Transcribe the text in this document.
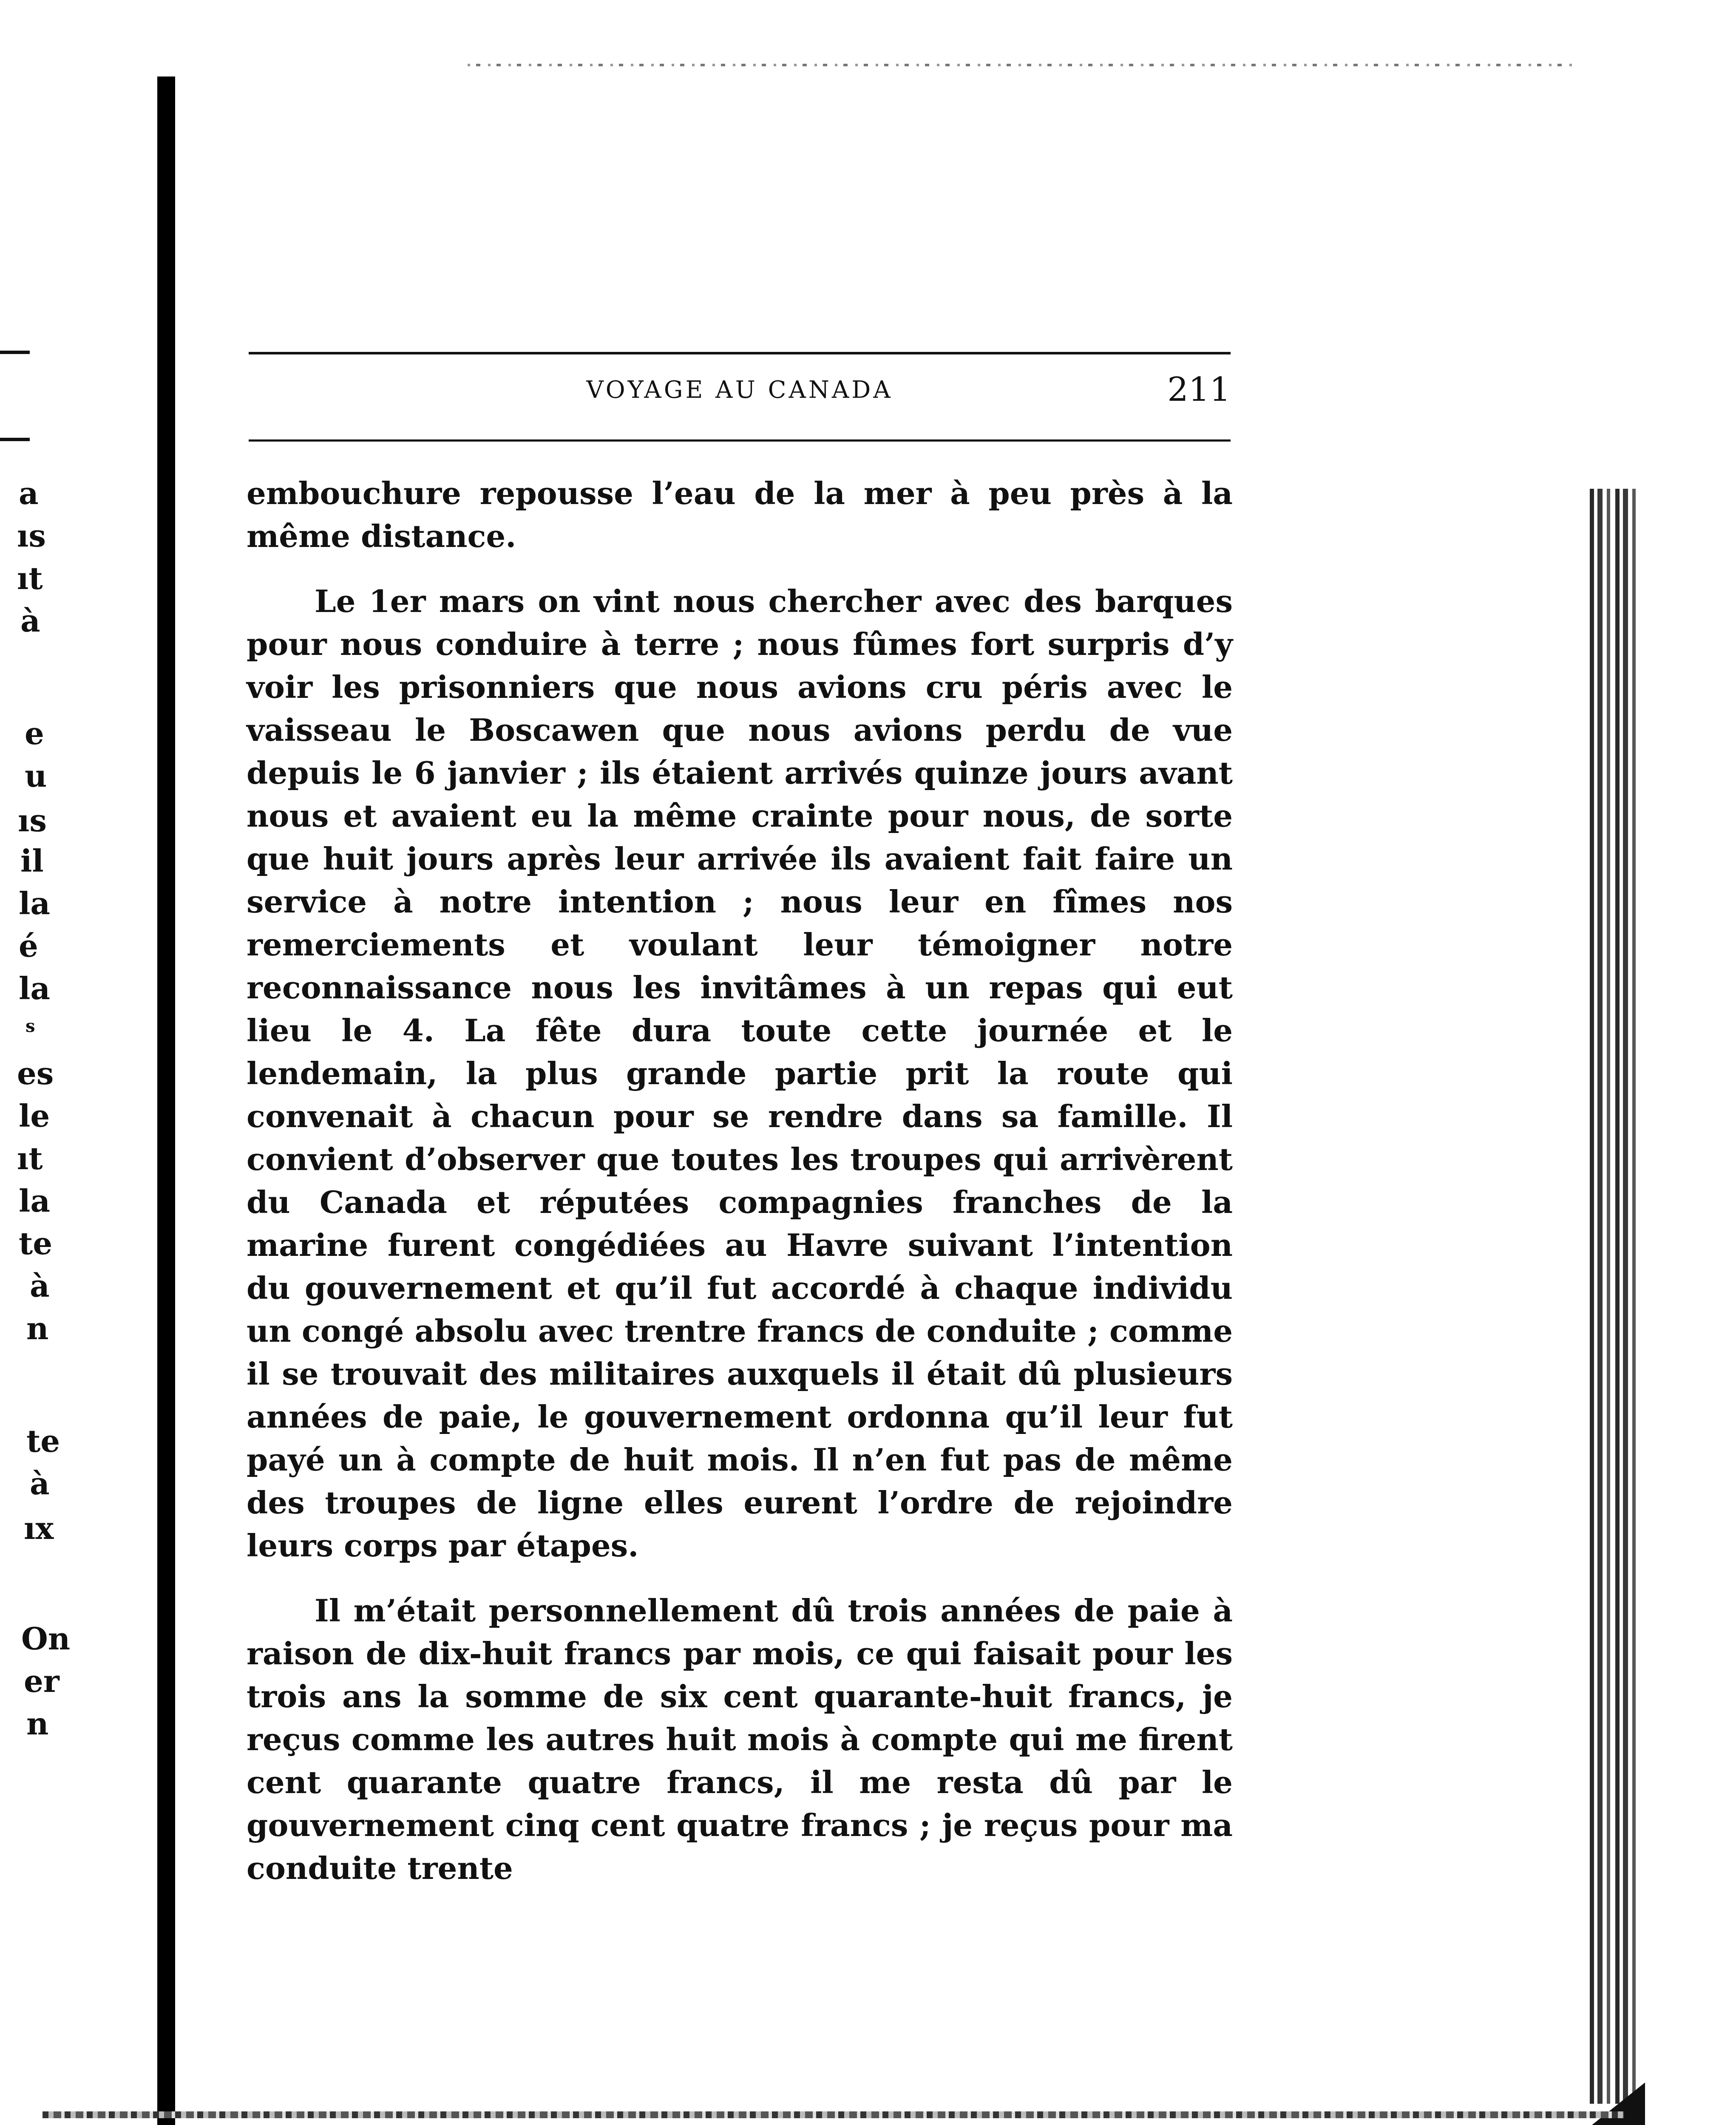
a
ıs
ıt
à
e
u
ıs
il
la
é
la
s
es
le
ıt
la
te
à
n
te
à
ıx
On
er
n
VOYAGE AU CANADA	211

embouchure repousse l’eau de la mer à peu près à la même distance.

Le 1er mars on vint nous chercher avec des barques pour nous conduire à terre ; nous fûmes fort surpris d’y voir les prisonniers que nous avions cru péris avec le vaisseau le Boscawen que nous avions perdu de vue depuis le 6 janvier ; ils étaient arrivés quinze jours avant nous et avaient eu la même crainte pour nous, de sorte que huit jours après leur arrivée ils avaient fait faire un service à notre intention ; nous leur en fîmes nos remerciements et voulant leur témoigner notre reconnaissance nous les invitâmes à un repas qui eut lieu le 4. La fête dura toute cette journée et le lendemain, la plus grande partie prit la route qui convenait à chacun pour se rendre dans sa famille. Il convient d’observer que toutes les troupes qui arrivèrent du Canada et réputées compagnies franches de la marine furent congédiées au Havre suivant l’intention du gouvernement et qu’il fut accordé à chaque individu un congé absolu avec trentre francs de conduite ; comme il se trouvait des militaires auxquels il était dû plusieurs années de paie, le gouvernement ordonna qu’il leur fut payé un à compte de huit mois. Il n’en fut pas de même des troupes de ligne elles eurent l’ordre de rejoindre leurs corps par étapes.

Il m’était personnellement dû trois années de paie à raison de dix-huit francs par mois, ce qui faisait pour les trois ans la somme de six cent quarante-huit francs, je reçus comme les autres huit mois à compte qui me firent cent quarante quatre francs, il me resta dû par le gouvernement cinq cent quatre francs ; je reçus pour ma conduite trente
